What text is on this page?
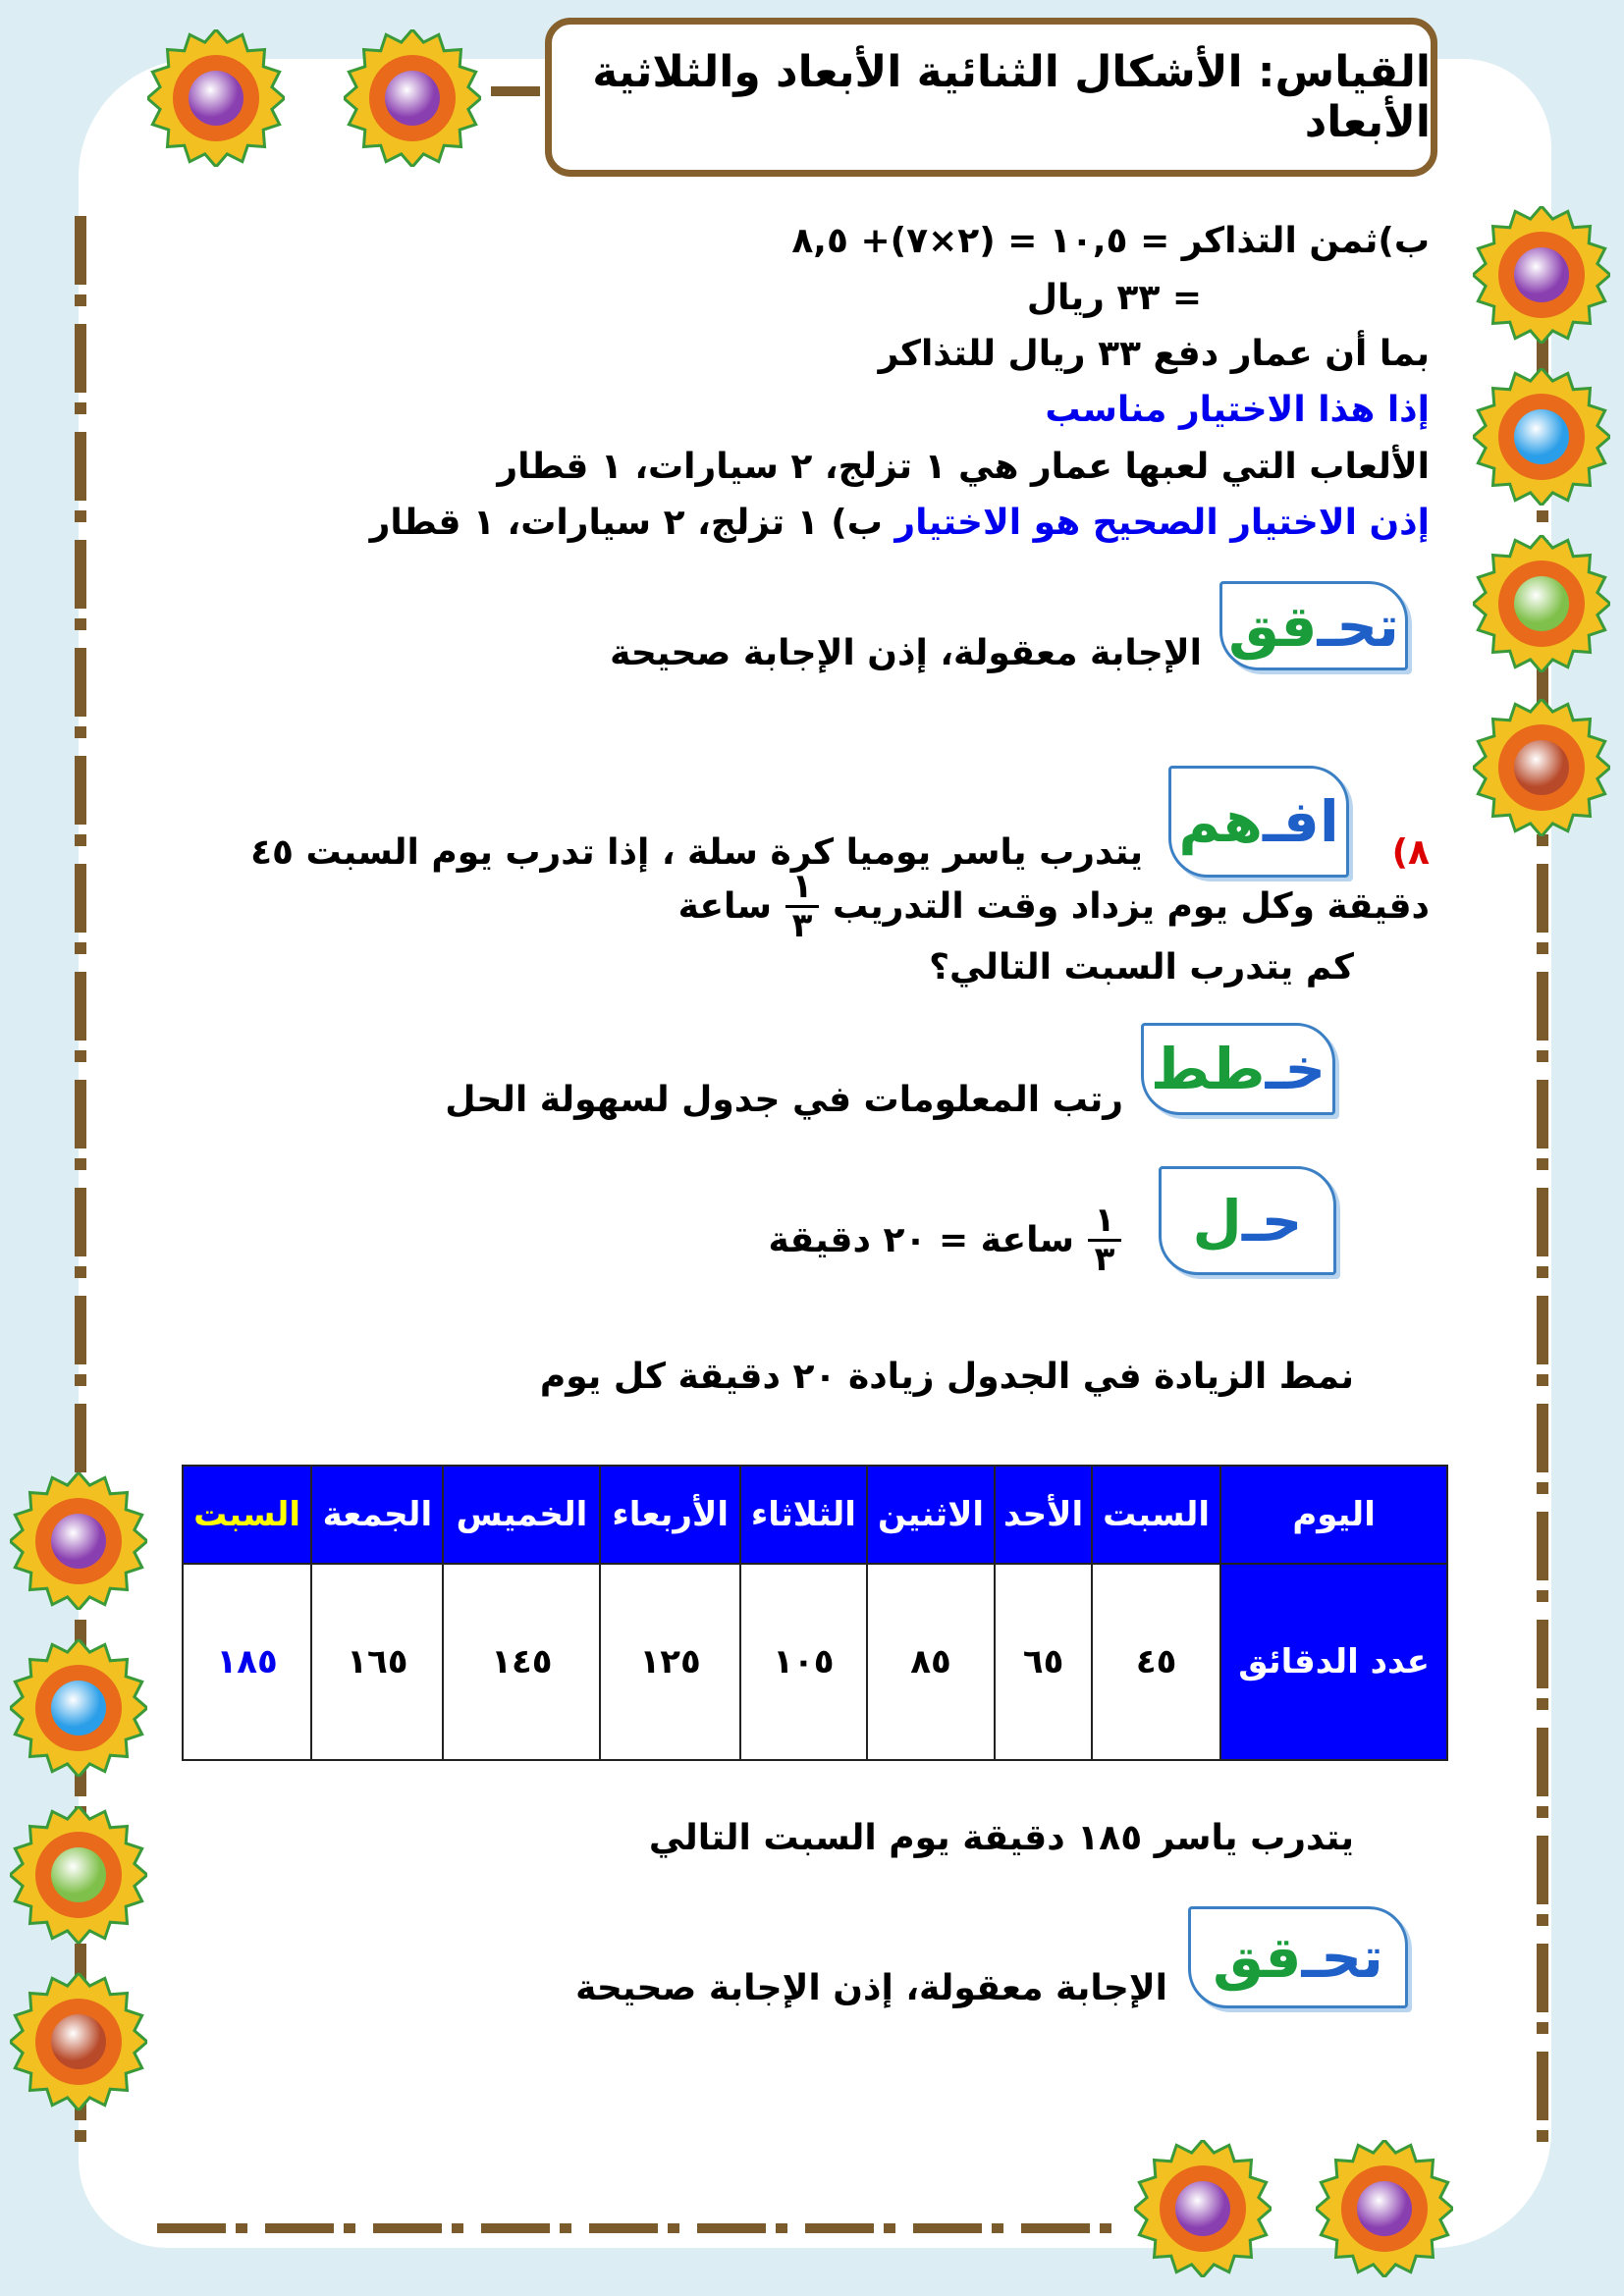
القياس: الأشكال الثنائية الأبعاد والثلاثية الأبعاد
ب)ثمن التذاكر = ١٠,٥ = (٢×٧)+ ٨,٥
= ٣٣ ريال
بما أن عمار دفع ٣٣ ريال للتذاكر
إذا هذا الاختيار مناسب
الألعاب التي لعبها عمار هي ١ تزلج، ٢ سيارات، ١ قطار
إذن الاختيار الصحيح هو الاختيار ب) ١ تزلج، ٢ سيارات، ١ قطار
تحـ
قق
الإجابة معقولة، إذن الإجابة صحيحة
افـ
هم	٨)
يتدرب ياسر يوميا كرة سلة ، إذا تدرب يوم السبت ٤٥
دقيقة وكل يوم يزداد وقت التدريب
$\frac{١}{٣}$
ساعة
كم يتدرب السبت التالي؟
خـ
طط
رتب المعلومات في جدول لسهولة الحل
حـ
ل
$\frac{١}{٣}$
ساعة = ٢٠ دقيقة
نمط الزيادة في الجدول زيادة ٢٠ دقيقة كل يوم
اليوم	السبت	الأحد	الاثنين	الثلاثاء	الأربعاء	الخميس	الجمعة	السبت
عدد الدقائق	٤٥	٦٥	٨٥	١٠٥	١٢٥	١٤٥	١٦٥	١٨٥
يتدرب ياسر ١٨٥ دقيقة يوم السبت التالي
تحـ
قق
الإجابة معقولة، إذن الإجابة صحيحة
